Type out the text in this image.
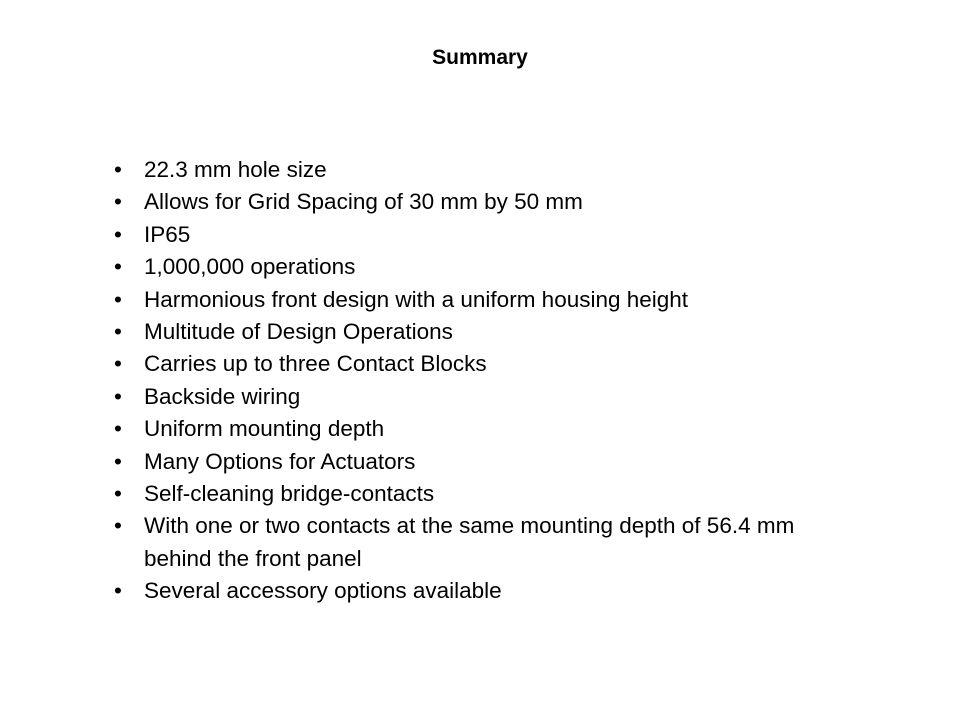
Summary
• 22.3 mm hole size
• Allows for Grid Spacing of 30 mm by 50 mm
• IP65
• 1,000,000 operations
• Harmonious front design with a uniform housing height
• Multitude of Design Operations
• Carries up to three Contact Blocks
• Backside wiring
• Uniform mounting depth
• Many Options for Actuators
• Self-cleaning bridge-contacts
• With one or two contacts at the same mounting depth of 56.4 mm behind the front panel
• Several accessory options available
